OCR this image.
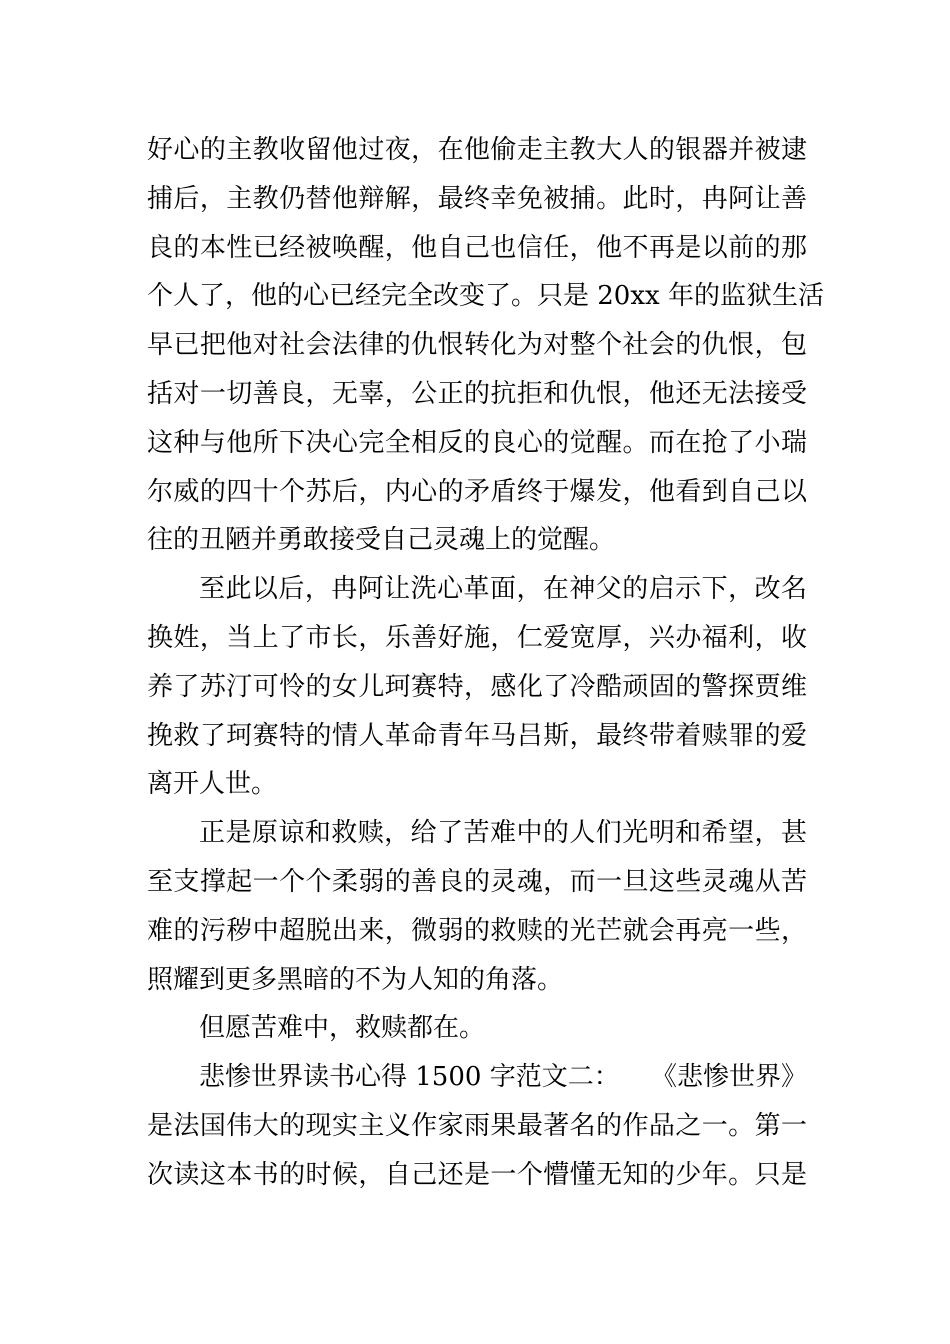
好心的主教收留他过夜，在他偷走主教大人的银器并被逮
捕后，主教仍替他辩解，最终幸免被捕。此时，冉阿让善
良的本性已经被唤醒，他自己也信任，他不再是以前的那
个人了，他的心已经完全改变了。只是 20xx 年的监狱生活
早已把他对社会法律的仇恨转化为对整个社会的仇恨，包
括对一切善良，无辜，公正的抗拒和仇恨，他还无法接受
这种与他所下决心完全相反的良心的觉醒。而在抢了小瑞
尔威的四十个苏后，内心的矛盾终于爆发，他看到自己以
往的丑陋并勇敢接受自己灵魂上的觉醒。
至此以后，冉阿让洗心革面，在神父的启示下，改名
换姓，当上了市长，乐善好施，仁爱宽厚，兴办福利，收
养了苏汀可怜的女儿珂赛特，感化了冷酷顽固的警探贾维
挽救了珂赛特的情人革命青年马吕斯，最终带着赎罪的爱
离开人世。
正是原谅和救赎，给了苦难中的人们光明和希望，甚
至支撑起一个个柔弱的善良的灵魂，而一旦这些灵魂从苦
难的污秽中超脱出来，微弱的救赎的光芒就会再亮一些，
照耀到更多黑暗的不为人知的角落。
但愿苦难中，救赎都在。
悲惨世界读书心得 1500 字范文二： 《悲惨世界》
是法国伟大的现实主义作家雨果最著名的作品之一。第一
次读这本书的时候，自己还是一个懵懂无知的少年。只是
